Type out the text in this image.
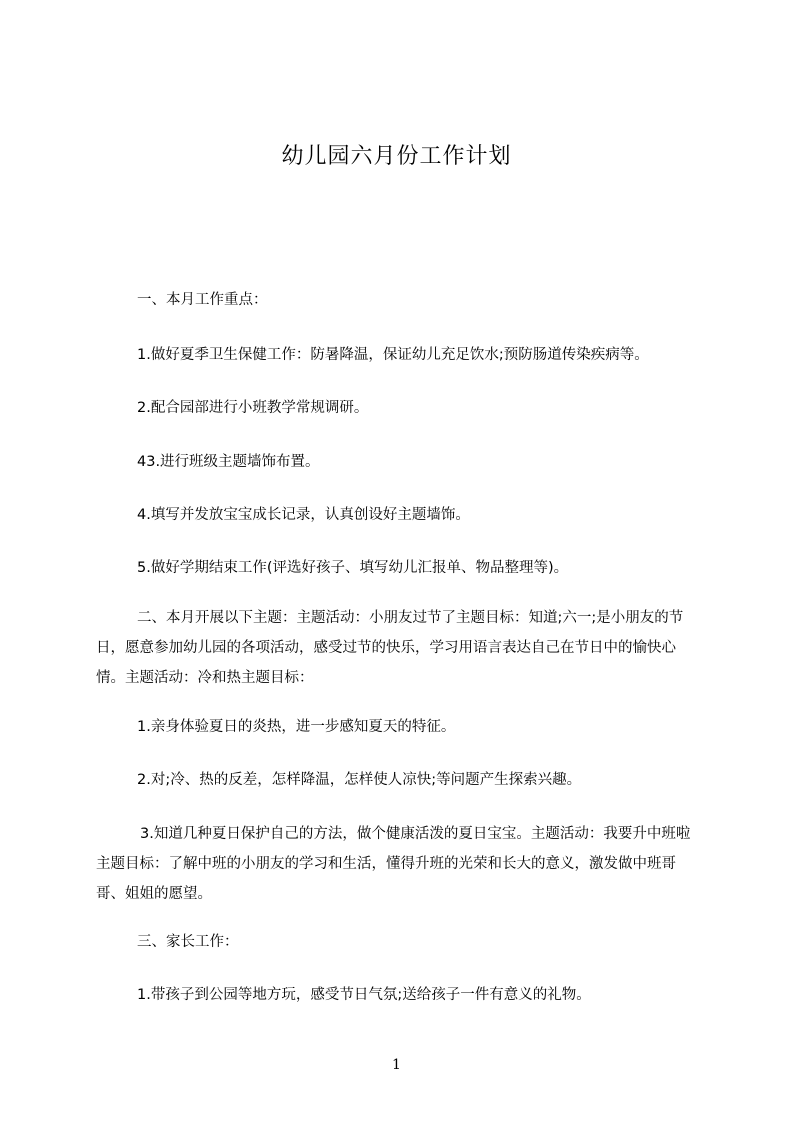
幼儿园六月份工作计划

一、本月工作重点：

1.做好夏季卫生保健工作：防暑降温，保证幼儿充足饮水;预防肠道传染疾病等。

2.配合园部进行小班教学常规调研。

43.进行班级主题墙饰布置。

4.填写并发放宝宝成长记录，认真创设好主题墙饰。

5.做好学期结束工作(评选好孩子、填写幼儿汇报单、物品整理等)。

二、本月开展以下主题：主题活动：小朋友过节了主题目标：知道;六一;是小朋友的节日，愿意参加幼儿园的各项活动，感受过节的快乐，学习用语言表达自己在节日中的愉快心情。主题活动：冷和热主题目标：

1.亲身体验夏日的炎热，进一步感知夏天的特征。

2.对;冷、热的反差，怎样降温，怎样使人凉快;等问题产生探索兴趣。

3.知道几种夏日保护自己的方法，做个健康活泼的夏日宝宝。主题活动：我要升中班啦主题目标：了解中班的小朋友的学习和生活，懂得升班的光荣和长大的意义，激发做中班哥哥、姐姐的愿望。

三、家长工作：

1.带孩子到公园等地方玩，感受节日气氛;送给孩子一件有意义的礼物。

1
